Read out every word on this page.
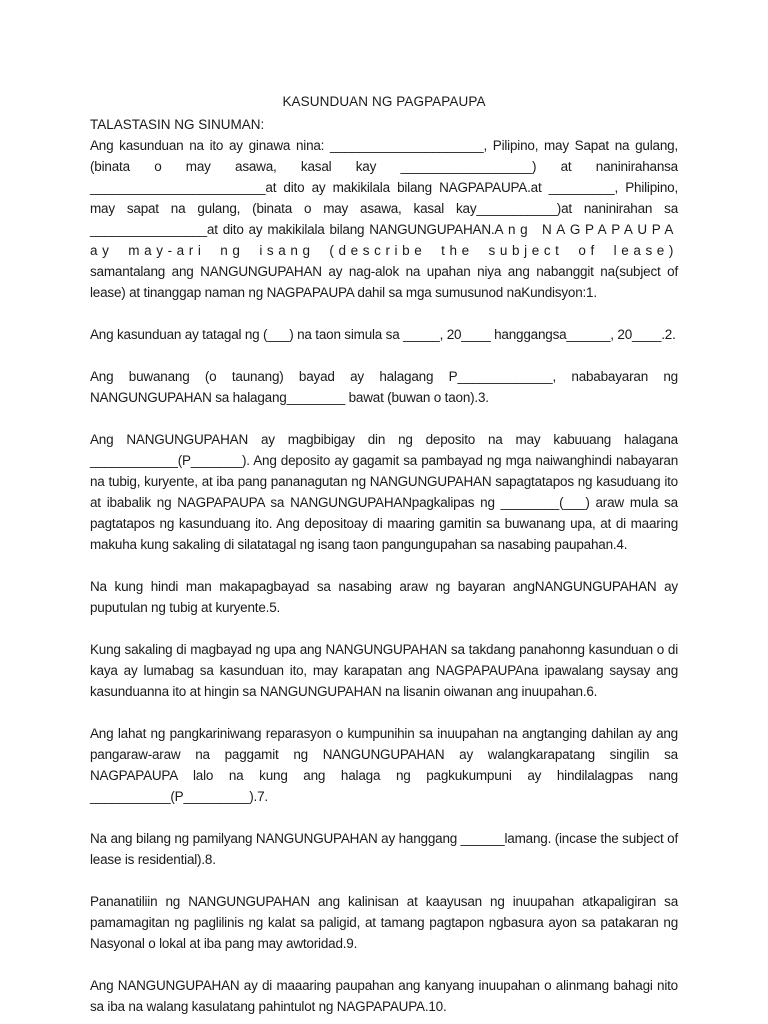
KASUNDUAN NG PAGPAPAUPA
TALASTASIN NG SINUMAN:

Ang kasunduan na ito ay ginawa nina: _____________________, Pilipino, may Sapat na gulang, (binata o may asawa, kasal kay __________________) at naninirahansa ________________________at dito ay makikilala bilang NAGPAPAUPA.at _________, Philipino, may sapat na gulang, (binata o may asawa, kasal kay___________)at naninirahan sa ________________at dito ay makikilala bilang NANGUNGUPAHAN.Ang NAGPAPAUPA ay may-ari ng isang (describe the subject of lease) samantalang ang NANGUNGUPAHAN ay nag-alok na upahan niya ang nabanggit na(subject of lease) at tinanggap naman ng NAGPAPAUPA dahil sa mga sumusunod naKundisyon:1.

Ang kasunduan ay tatagal ng (___) na taon simula sa _____, 20____ hanggangsa______, 20____.2.

Ang buwanang (o taunang) bayad ay halagang P_____________, nababayaran ng NANGUNGUPAHAN sa halagang________ bawat (buwan o taon).3.

Ang NANGUNGUPAHAN ay magbibigay din ng deposito na may kabuuang halagana ____________(P_______). Ang deposito ay gagamit sa pambayad ng mga naiwanghindi nabayaran na tubig, kuryente, at iba pang pananagutan ng NANGUNGUPAHAN sapagtatapos ng kasuduang ito at ibabalik ng NAGPAPAUPA sa NANGUNGUPAHANpagkalipas ng ________(___) araw mula sa pagtatapos ng kasunduang ito. Ang depositoay di maaring gamitin sa buwanang upa, at di maaring makuha kung sakaling di silatatagal ng isang taon pangungupahan sa nasabing paupahan.4.

Na kung hindi man makapagbayad sa nasabing araw ng bayaran angNANGUNGUPAHAN ay puputulan ng tubig at kuryente.5.

Kung sakaling di magbayad ng upa ang NANGUNGUPAHAN sa takdang panahonng kasunduan o di kaya ay lumabag sa kasunduan ito, may karapatan ang NAGPAPAUPAna ipawalang saysay ang kasunduanna ito at hingin sa NANGUNGUPAHAN na lisanin oiwanan ang inuupahan.6.

Ang lahat ng pangkariniwang reparasyon o kumpunihin sa inuupahan na angtanging dahilan ay ang pangaraw-araw na paggamit ng NANGUNGUPAHAN ay walangkarapatang singilin sa NAGPAPAUPA lalo na kung ang halaga ng pagkukumpuni ay hindilalagpas nang ___________(P_________).7.

Na ang bilang ng pamilyang NANGUNGUPAHAN ay hanggang ______lamang. (incase the subject of lease is residential).8.

Pananatiliin ng NANGUNGUPAHAN ang kalinisan at kaayusan ng inuupahan atkapaligiran sa pamamagitan ng paglilinis ng kalat sa paligid, at tamang pagtapon ngbasura ayon sa patakaran ng Nasyonal o lokal at iba pang may awtoridad.9.

Ang NANGUNGUPAHAN ay di maaaring paupahan ang kanyang inuupahan o alinmang bahagi nito sa iba na walang kasulatang pahintulot ng NAGPAPAUPA.10.
